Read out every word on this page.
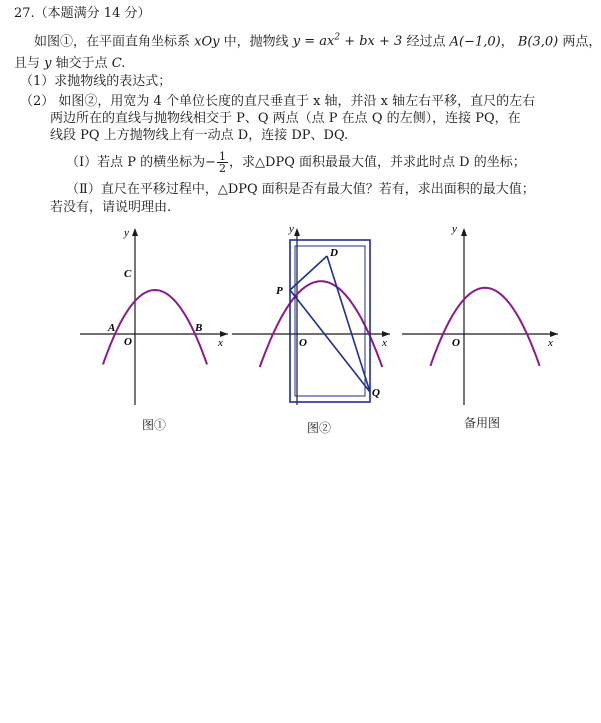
27.（本题满分 14 分）
如图①，在平面直角坐标系 xOy 中，抛物线 $y = ax^2$ + bx + 3 经过点 A(−1,0)， B(3,0) 两点，
且与 y 轴交于点 C.
（1）求抛物线的表达式；
（2） 如图②，用宽为 4 个单位长度的直尺垂直于 x 轴，并沿 x 轴左右平移，直尺的左右
两边所在的直线与抛物线相交于 P、Q 两点（点 P 在点 Q 的左侧），连接 PQ，在
线段 PQ 上方抛物线上有一动点 D，连接 DP、DQ.
（Ⅰ）若点 P 的横坐标为− $\frac{1}{2}$ ，求△DPQ 面积最最大值，并求此时点 D 的坐标；
（Ⅱ）直尺在平移过程中，△DPQ 面积是否有最大值？若有，求出面积的最大值；
若没有，请说明理由.
y
x
O
A	B
C
图①
y
x
O
P
D
Q
图②
y
x
O
备用图
